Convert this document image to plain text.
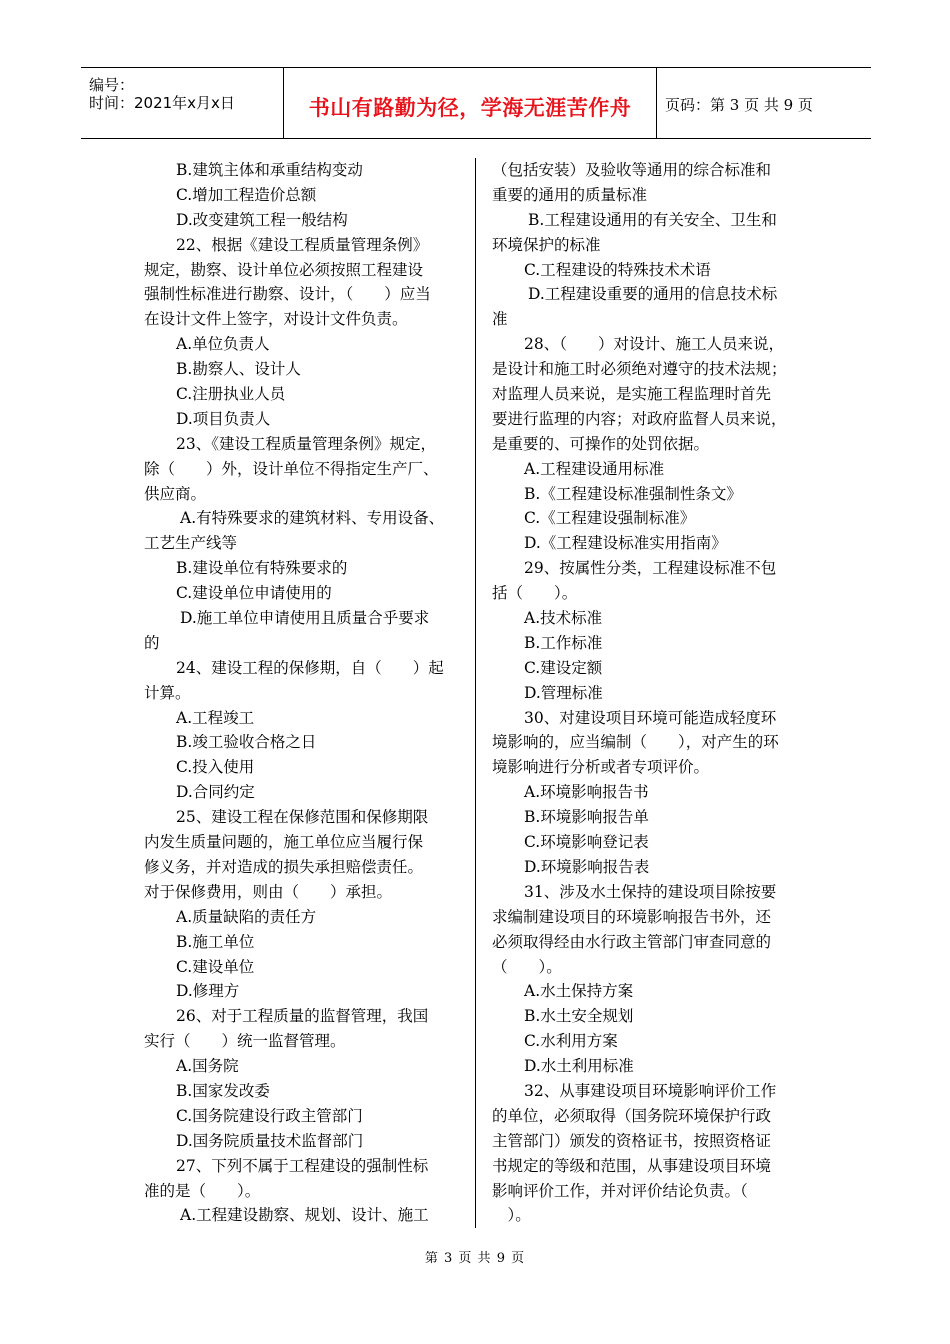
编号：
时间：2021年x月x日	书山有路勤为径，学海无涯苦作舟	页码：第 3 页 共 9 页
B.建筑主体和承重结构变动
C.增加工程造价总额
D.改变建筑工程一般结构
22、根据《建设工程质量管理条例》
规定，勘察、设计单位必须按照工程建设
强制性标准进行勘察、设计，（　　）应当
在设计文件上签字，对设计文件负责。
A.单位负责人
B.勘察人、设计人
C.注册执业人员
D.项目负责人
23、《建设工程质量管理条例》规定，
除（　　）外，设计单位不得指定生产厂、
供应商。
A.有特殊要求的建筑材料、专用设备、
工艺生产线等
B.建设单位有特殊要求的
C.建设单位申请使用的
D.施工单位申请使用且质量合乎要求
的
24、建设工程的保修期，自（　　）起
计算。
A.工程竣工
B.竣工验收合格之日
C.投入使用
D.合同约定
25、建设工程在保修范围和保修期限
内发生质量问题的，施工单位应当履行保
修义务，并对造成的损失承担赔偿责任。
对于保修费用，则由（　　）承担。
A.质量缺陷的责任方
B.施工单位
C.建设单位
D.修理方
26、对于工程质量的监督管理，我国
实行（　　）统一监督管理。
A.国务院
B.国家发改委
C.国务院建设行政主管部门
D.国务院质量技术监督部门
27、下列不属于工程建设的强制性标
准的是（　　）。
A.工程建设勘察、规划、设计、施工
（包括安装）及验收等通用的综合标准和
重要的通用的质量标准
B.工程建设通用的有关安全、卫生和
环境保护的标准
C.工程建设的特殊技术术语
D.工程建设重要的通用的信息技术标
准
28、（　　）对设计、施工人员来说，
是设计和施工时必须绝对遵守的技术法规；
对监理人员来说，是实施工程监理时首先
要进行监理的内容；对政府监督人员来说，
是重要的、可操作的处罚依据。
A.工程建设通用标准
B.《工程建设标准强制性条文》
C.《工程建设强制标准》
D.《工程建设标准实用指南》
29、按属性分类，工程建设标准不包
括（　　）。
A.技术标准
B.工作标准
C.建设定额
D.管理标准
30、对建设项目环境可能造成轻度环
境影响的，应当编制（　　），对产生的环
境影响进行分析或者专项评价。
A.环境影响报告书
B.环境影响报告单
C.环境影响登记表
D.环境影响报告表
31、涉及水土保持的建设项目除按要
求编制建设项目的环境影响报告书外，还
必须取得经由水行政主管部门审查同意的
（　　）。
A.水土保持方案
B.水土安全规划
C.水利用方案
D.水土利用标准
32、从事建设项目环境影响评价工作
的单位，必须取得（国务院环境保护行政
主管部门）颁发的资格证书，按照资格证
书规定的等级和范围，从事建设项目环境
影响评价工作，并对评价结论负责。（
　）。
第 3 页 共 9 页
